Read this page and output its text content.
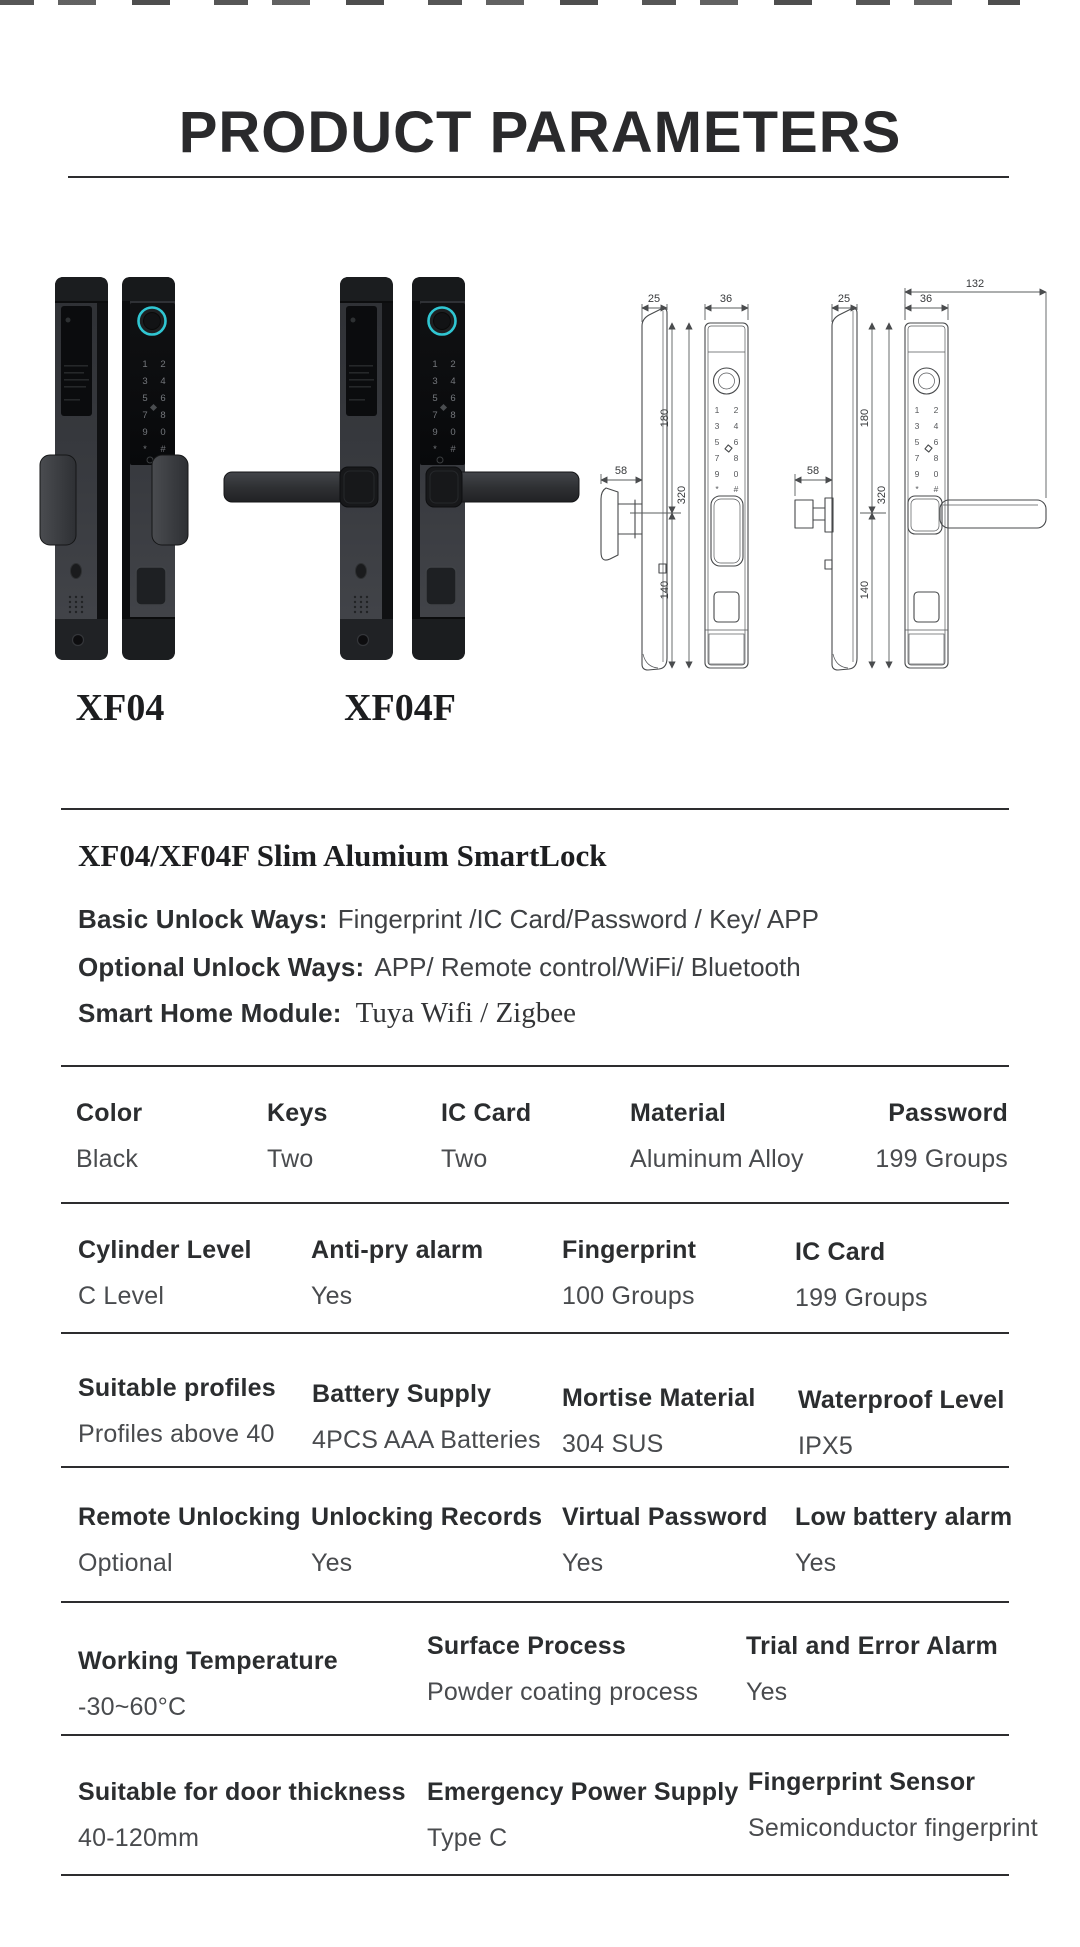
PRODUCT PARAMETERS
1 2
3 4
5 6
7 8
9 0
* #
XF04	XF04F
1 2
3 4
5 6
7 8
9 0
* #
25	36
180
140
320
58
1 2
3 4
5 6
7 8
9 0
* #
132
36
25
180
140
320
58
XF04/XF04F Slim Alumium SmartLock
Basic Unlock Ways: Fingerprint /IC Card/Password / Key/ APP
Optional Unlock Ways: APP/ Remote control/WiFi/ Bluetooth
Smart Home Module: Tuya Wifi / Zigbee
Color
Black
Keys
Two
IC Card
Two
Material
Aluminum Alloy
Password
199 Groups
Cylinder Level
C Level
Anti-pry alarm
Yes
Fingerprint
100 Groups
IC Card
199 Groups
Suitable profiles
Profiles above 40
Battery Supply
4PCS AAA Batteries
Mortise Material
304 SUS
Waterproof Level
IPX5
Remote Unlocking
Optional
Unlocking Records
Yes
Virtual Password
Yes
Low battery alarm
Yes
Working Temperature
-30~60°C
Surface Process
Powder coating process
Trial and Error Alarm
Yes
Suitable for door thickness
40-120mm
Emergency Power Supply
Type C
Fingerprint Sensor
Semiconductor fingerprint
